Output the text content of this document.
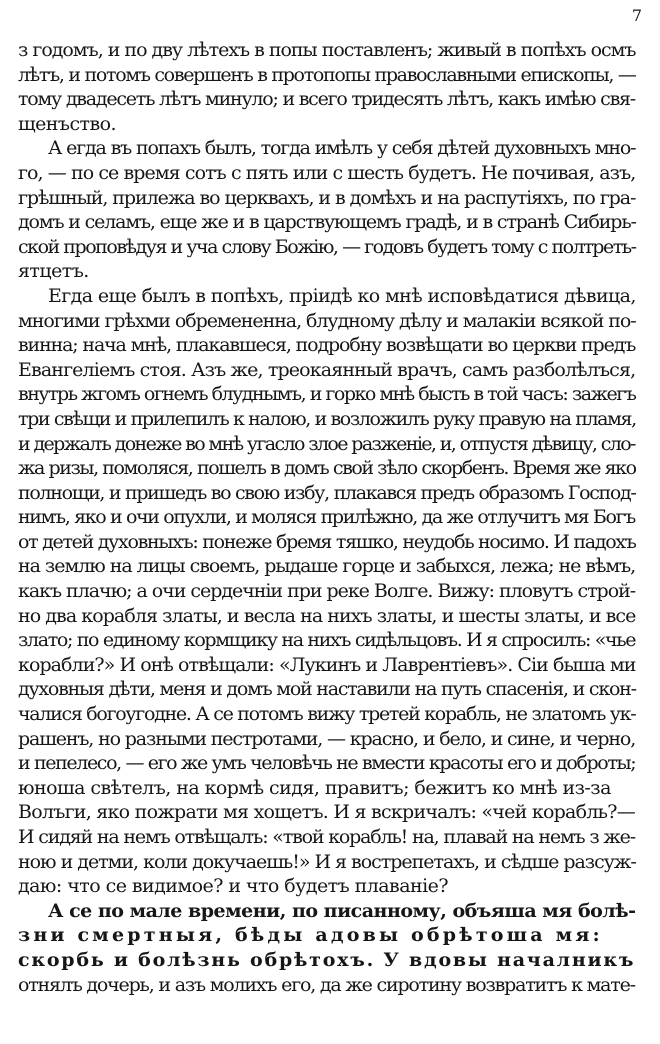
7
з годомъ, и по дву лѣтехъ в попы поставленъ; живый в попѣхъ осмъ
лѣтъ, и потомъ совершенъ в протопопы православными епископы, —
тому двадесеть лѣтъ минуло; и всего тридесять лѣтъ, какъ имѣю свя-
щенъство.
А егда въ попахъ былъ, тогда имѣлъ у себя дѣтей духовныхъ мно-
го, — по се время сотъ с пять или с шесть будетъ. Не почивая, азъ,
грѣшный, прилежа во церквахъ, и в домѣхъ и на распутіяхъ, по гра-
домъ и селамъ, еще же и в царствующемъ градѣ, и в странѣ Сибирь-
ской проповѣдуя и уча слову Божію, — годовъ будетъ тому с полтреть-
ятцетъ.
Егда еще былъ в попѣхъ, прiидѣ ко мнѣ исповѣдатися дѣвица,
многими грѣхми обремененна, блудному дѣлу и малакіи всякой по-
винна; нача мнѣ, плакавшеся, подробну возвѣщати во церкви предъ
Евангеліемъ стоя. Азъ же, треокаянный врачъ, самъ разболѣлъся,
внутрь жгомъ огнемъ блуднымъ, и горко мнѣ бысть в той часъ: зажегъ
три свѣщи и прилепилъ к налою, и возложилъ руку правую на пламя,
и держалъ донеже во мнѣ угасло злое разженіе, и, отпустя дѣвицу, сло-
жа ризы, помоляся, пошелъ в домъ свой зѣло скорбенъ. Время же яко
полнощи, и пришедъ во свою избу, плакався предъ образомъ Господ-
нимъ, яко и очи опухли, и моляся прилѣжно, да же отлучитъ мя Богъ
от детей духовныхъ: понеже бремя тяшко, неудобь носимо. И падохъ
на землю на лицы своемъ, рыдаше горце и забыхся, лежа; не вѣмъ,
какъ плачю; а очи сердечніи при реке Волге. Вижу: пловутъ строй-
но два корабля златы, и весла на нихъ златы, и шесты златы, и все
злато; по единому кормщику на нихъ сидѣльцовъ. И я спросилъ: «чье
корабли?» И онѣ отвѣщали: «Лукинъ и Лаврентіевъ». Сiи быша ми
духовныя дѣти, меня и домъ мой наставили на путь спасенія, и скон-
чалися богоугодне. А се потомъ вижу третей корабль, не златомъ ук-
рашенъ, но разными пестротами, — красно, и бело, и сине, и черно,
и пепелесо, — его же умъ человѣчь не вмести красоты его и доброты;
юноша свѣтелъ, на кормѣ сидя, правитъ; бежитъ ко мнѣ из-за
Волъги, яко пожрати мя хощетъ. И я вскричалъ: «чей корабль?—
И сидяй на немъ отвѣщалъ: «твой корабль! на, плавай на немъ з же-
ною и детми, коли докучаешь!» И я вострепетахъ, и сѣдше разсуж-
даю: что се видимое? и что будетъ плаваніе?
А се по мале времени, по писанному, объяша мя болѣ-
зни смертныя, бѣды адовы обрѣтоша мя:
скорбь и болѣзнь обрѣтохъ. У вдовы началникъ
отнялъ дочерь, и азъ молихъ его, да же сиротину возвратитъ к мате-
